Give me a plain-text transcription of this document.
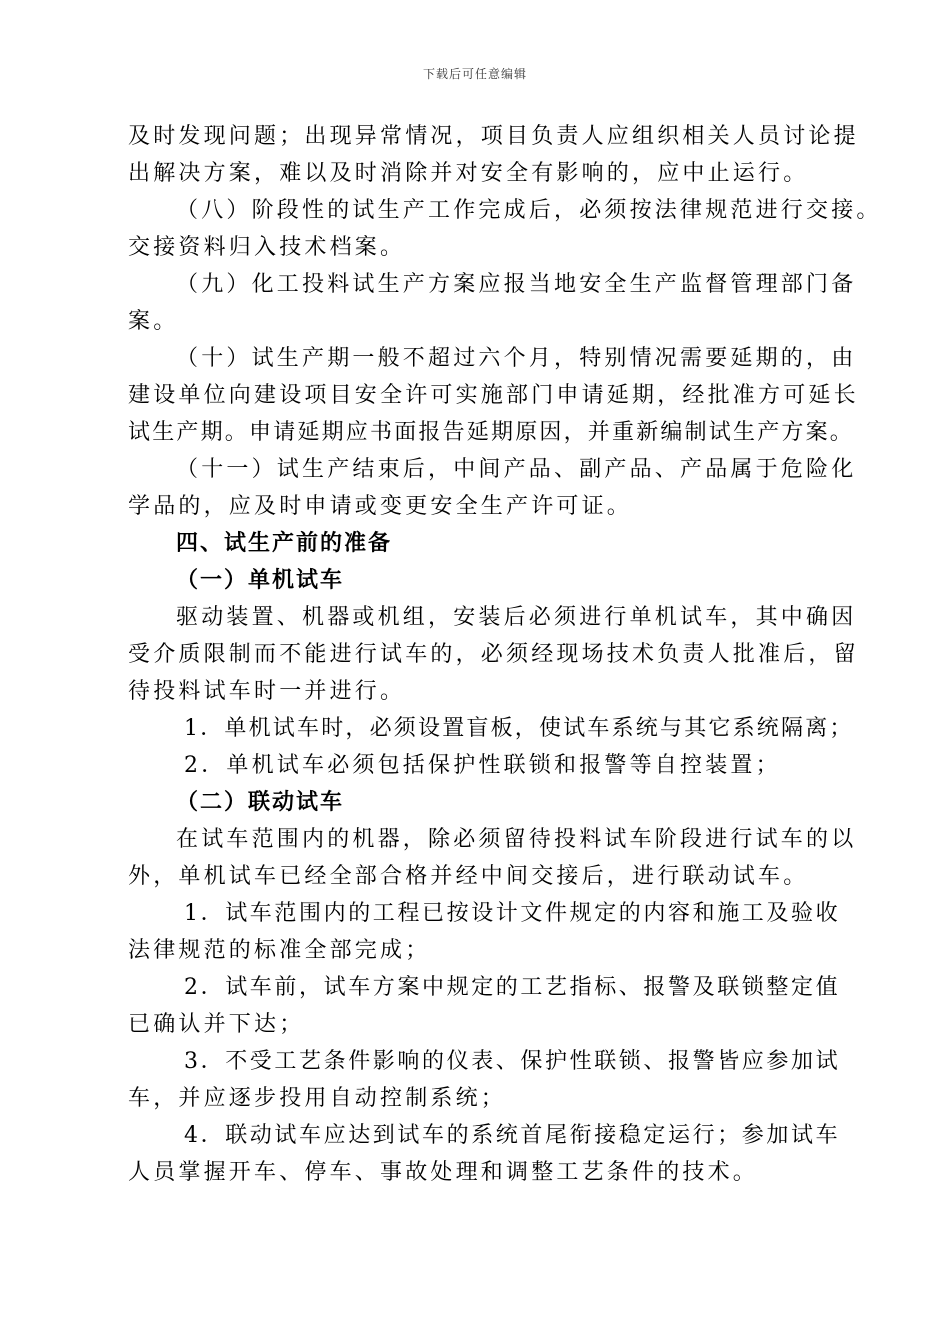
下载后可任意编辑
及时发现问题；出现异常情况，项目负责人应组织相关人员讨论提
出解决方案，难以及时消除并对安全有影响的，应中止运行。
（八）阶段性的试生产工作完成后，必须按法律规范进行交接。
交接资料归入技术档案。
（九）化工投料试生产方案应报当地安全生产监督管理部门备
案。
（十）试生产期一般不超过六个月，特别情况需要延期的，由
建设单位向建设项目安全许可实施部门申请延期，经批准方可延长
试生产期。申请延期应书面报告延期原因，并重新编制试生产方案。
（十一）试生产结束后，中间产品、副产品、产品属于危险化
学品的，应及时申请或变更安全生产许可证。
四、试生产前的准备
（一）单机试车
驱动装置、机器或机组，安装后必须进行单机试车，其中确因
受介质限制而不能进行试车的，必须经现场技术负责人批准后，留
待投料试车时一并进行。
1．单机试车时，必须设置盲板，使试车系统与其它系统隔离；
2．单机试车必须包括保护性联锁和报警等自控装置；
（二）联动试车
在试车范围内的机器，除必须留待投料试车阶段进行试车的以
外，单机试车已经全部合格并经中间交接后，进行联动试车。
1．试车范围内的工程已按设计文件规定的内容和施工及验收
法律规范的标准全部完成；
2．试车前，试车方案中规定的工艺指标、报警及联锁整定值
已确认并下达；
3．不受工艺条件影响的仪表、保护性联锁、报警皆应参加试
车，并应逐步投用自动控制系统；
4．联动试车应达到试车的系统首尾衔接稳定运行；参加试车
人员掌握开车、停车、事故处理和调整工艺条件的技术。
